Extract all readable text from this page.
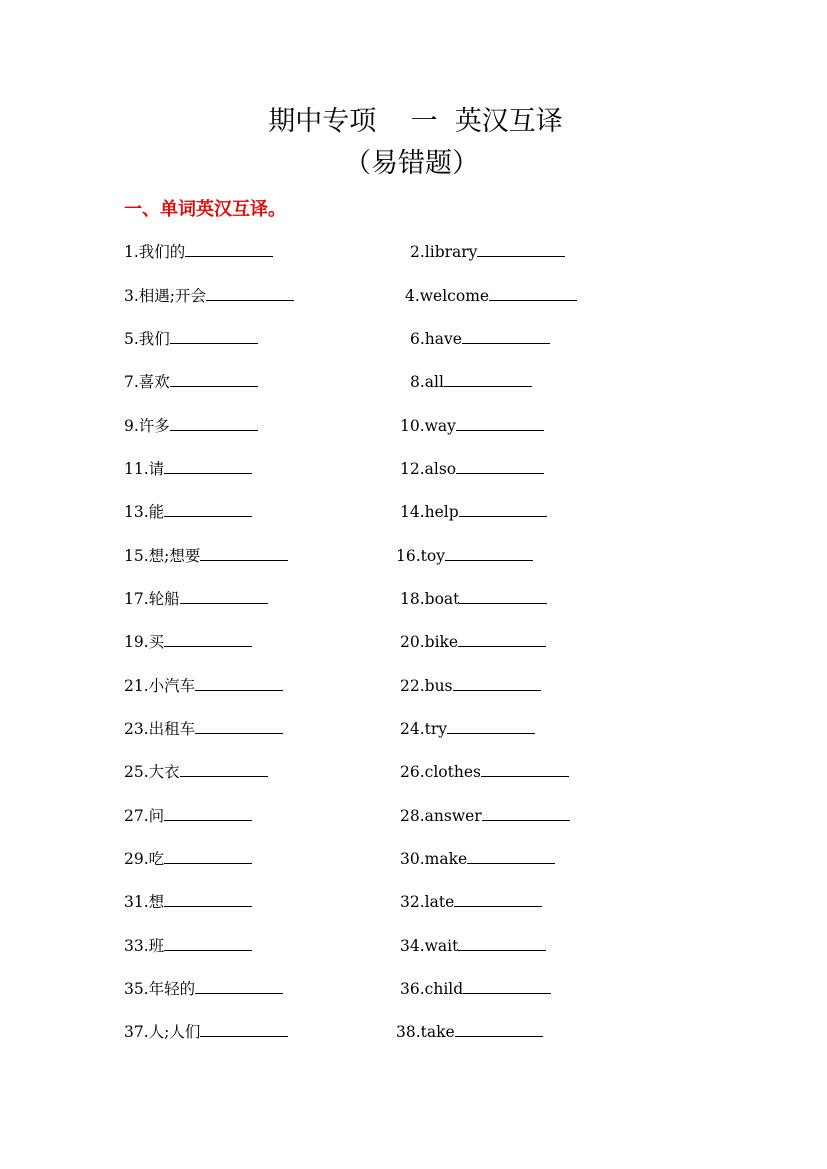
期中专项    一  英汉互译
（易错题）
一、单词英汉互译。
1.我们的	2.library
3.相遇;开会	4.welcome
5.我们	6.have
7.喜欢	8.all
9.许多	10.way
11.请	12.also
13.能	14.help
15.想;想要	16.toy
17.轮船	18.boat
19.买	20.bike
21.小汽车	22.bus
23.出租车	24.try
25.大衣	26.clothes
27.问	28.answer
29.吃	30.make
31.想	32.late
33.班	34.wait
35.年轻的	36.child
37.人;人们	38.take
